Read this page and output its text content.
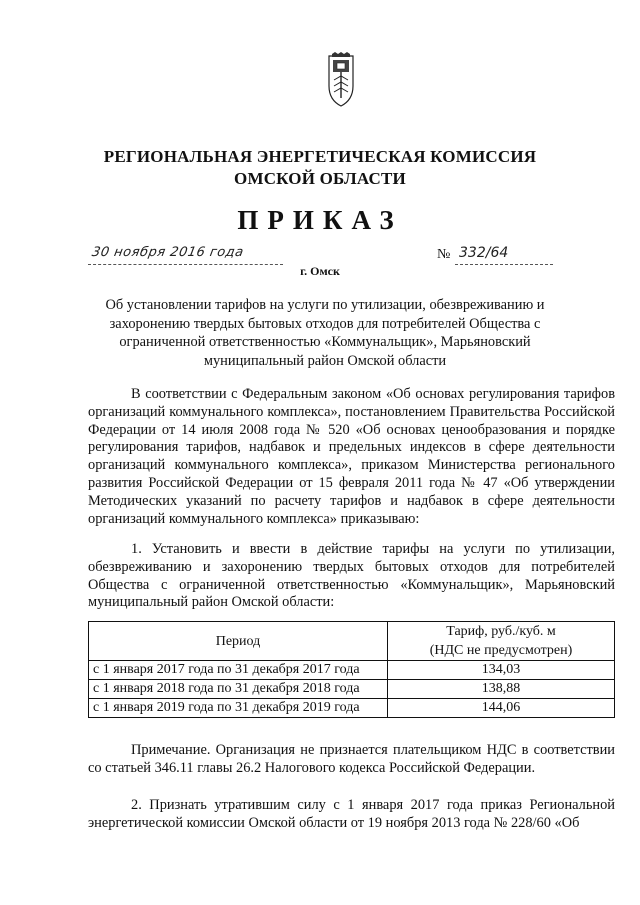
РЕГИОНАЛЬНАЯ ЭНЕРГЕТИЧЕСКАЯ КОМИССИЯ
ОМСКОЙ ОБЛАСТИ
ПРИКАЗ
30 ноября 2016 года	№ 332/64
г. Омск
Об установлении тарифов на услуги по утилизации, обезвреживанию и захоронению твердых бытовых отходов для потребителей Общества с ограниченной ответственностью «Коммунальщик», Марьяновский муниципальный район Омской области
В соответствии с Федеральным законом «Об основах регулирования тарифов организаций коммунального комплекса», постановлением Правительства Российской Федерации от 14 июля 2008 года № 520 «Об основах ценообразования и порядке регулирования тарифов, надбавок и предельных индексов в сфере деятельности организаций коммунального комплекса», приказом Министерства регионального развития Российской Федерации от 15 февраля 2011 года № 47 «Об утверждении Методических указаний по расчету тарифов и надбавок в сфере деятельности организаций коммунального комплекса» приказываю:
1. Установить и ввести в действие тарифы на услуги по утилизации, обезвреживанию и захоронению твердых бытовых отходов для потребителей Общества с ограниченной ответственностью «Коммунальщик», Марьяновский муниципальный район Омской области:
Период	Тариф, руб./куб. м
(НДС не предусмотрен)

с 1 января 2017 года по 31 декабря 2017 года	134,03
с 1 января 2018 года по 31 декабря 2018 года	138,88
с 1 января 2019 года по 31 декабря 2019 года	144,06
Примечание. Организация не признается плательщиком НДС в соответствии со статьей 346.11 главы 26.2 Налогового кодекса Российской Федерации.
2. Признать утратившим силу с 1 января 2017 года приказ Региональной энергетической комиссии Омской области от 19 ноября 2013 года № 228/60 «Об
